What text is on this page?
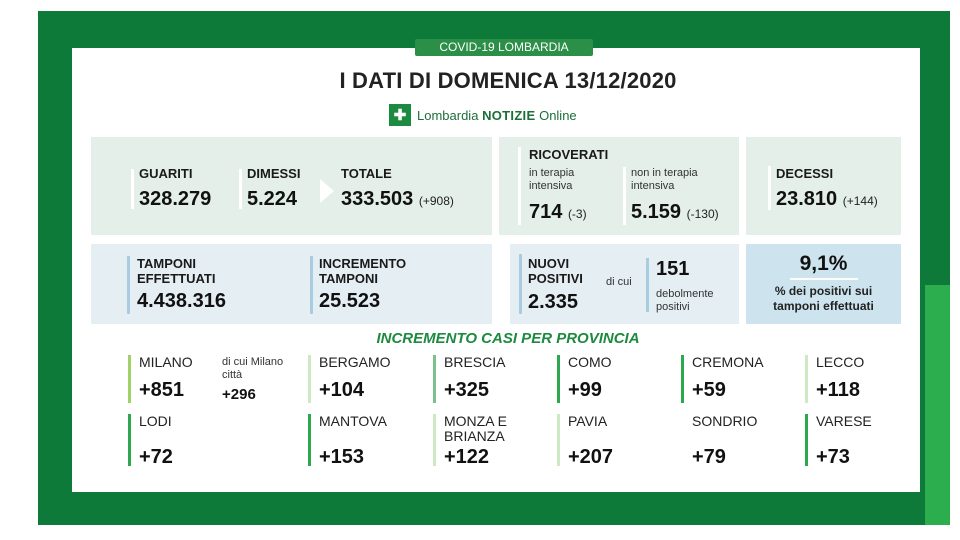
COVID-19 LOMBARDIA
I DATI DI DOMENICA 13/12/2020
✚ Lombardia NOTIZIE Online
GUARITI
328.279
DIMESSI
5.224
TOTALE
333.503 (+908)
RICOVERATI
in terapia intensiva
714 (-3)
non in terapia intensiva
5.159 (-130)
DECESSI
23.810 (+144)
TAMPONI EFFETTUATI
4.438.316
INCREMENTO TAMPONI
25.523
NUOVI POSITIVI
2.335
di cui
151
debolmente positivi
9,1%
% dei positivi sui tamponi effettuati
INCREMENTO CASI PER PROVINCIA
MILANO
+851
di cui Milano città
+296
BERGAMO
+104
BRESCIA
+325
COMO
+99
CREMONA
+59
LECCO
+118
LODI
+72
MANTOVA
+153
MONZA E BRIANZA
+122
PAVIA
+207
SONDRIO
+79
VARESE
+73
